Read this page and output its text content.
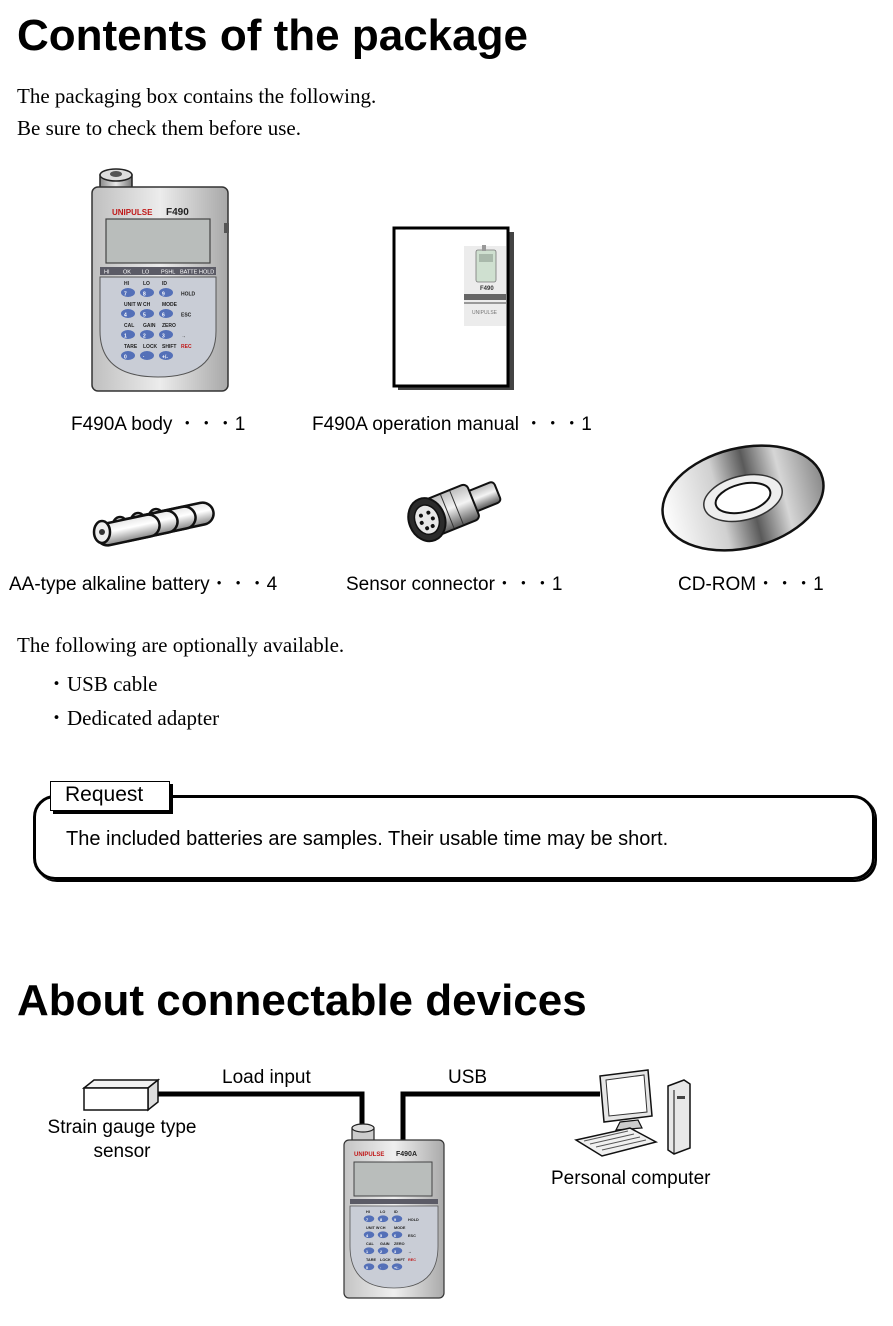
Contents of the package
The packaging box contains the following.
Be sure to check them before use.
UNIPULSE F490
HI OK LO PSHL BATTE HOLD
HI	LO ID
7	8	9	HOLD
UNIT W CH MODE
4	5	6	ESC
CAL GAIN ZERO
1	2	3	→
TARE LOCK SHIFT REC
0	·	+/-
F490
UNIPULSE
F490A body ・・・1	F490A operation manual ・・・1
AA-type alkaline battery・・・4	Sensor connector・・・1	CD-ROM・・・1
The following are optionally available.
・USB cable
・Dedicated adapter
Request
The included batteries are samples. Their usable time may be short.
About connectable devices
Strain gauge type
sensor
Load input	USB
Personal computer
UNIPULSE F490A
HI	LO ID
7	8	9	HOLD
UNIT W CH MODE
4	5	6	ESC
CAL GAIN ZERO
1	2	3	→
TARE LOCK SHIFT REC
0	·	+/-
